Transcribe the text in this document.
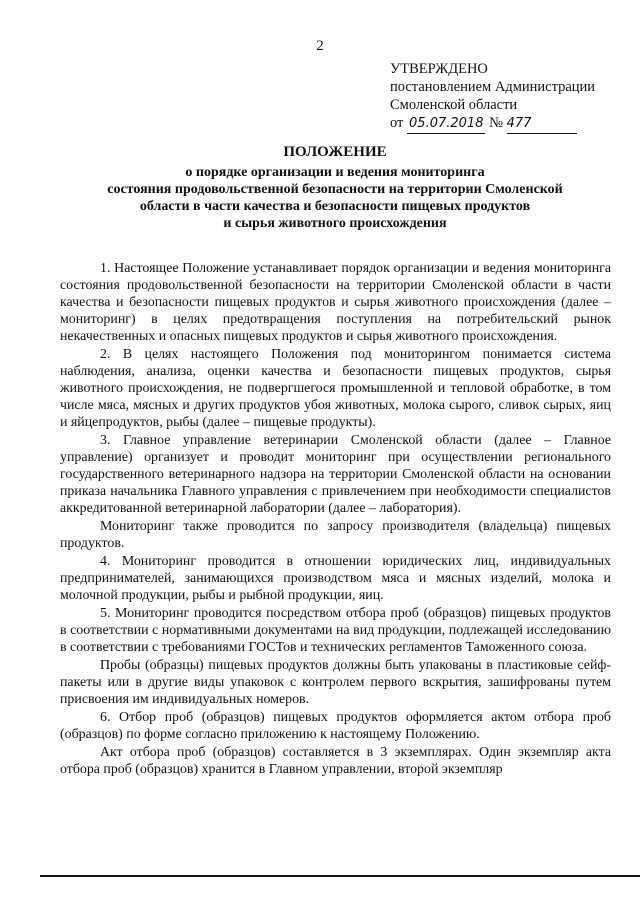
2
УТВЕРЖДЕНО
постановлением Администрации
Смоленской области
от 05.07.2018 № 477
ПОЛОЖЕНИЕ
о порядке организации и ведения мониторинга
состояния продовольственной безопасности на территории Смоленской
области в части качества и безопасности пищевых продуктов
и сырья животного происхождения

1. Настоящее Положение устанавливает порядок организации и ведения мониторинга состояния продовольственной безопасности на территории Смоленской области в части качества и безопасности пищевых продуктов и сырья животного происхождения (далее – мониторинг) в целях предотвращения поступления на потребительский рынок некачественных и опасных пищевых продуктов и сырья животного происхождения.

2. В целях настоящего Положения под мониторингом понимается система наблюдения, анализа, оценки качества и безопасности пищевых продуктов, сырья животного происхождения, не подвергшегося промышленной и тепловой обработке, в том числе мяса, мясных и других продуктов убоя животных, молока сырого, сливок сырых, яиц и яйцепродуктов, рыбы (далее – пищевые продукты).

3. Главное управление ветеринарии Смоленской области (далее – Главное управление) организует и проводит мониторинг при осуществлении регионального государственного ветеринарного надзора на территории Смоленской области на основании приказа начальника Главного управления с привлечением при необходимости специалистов аккредитованной ветеринарной лаборатории (далее – лаборатория).

Мониторинг также проводится по запросу производителя (владельца) пищевых продуктов.

4. Мониторинг проводится в отношении юридических лиц, индивидуальных предпринимателей, занимающихся производством мяса и мясных изделий, молока и молочной продукции, рыбы и рыбной продукции, яиц.

5. Мониторинг проводится посредством отбора проб (образцов) пищевых продуктов в соответствии с нормативными документами на вид продукции, подлежащей исследованию в соответствии с требованиями ГОСТов и технических регламентов Таможенного союза.

Пробы (образцы) пищевых продуктов должны быть упакованы в пластиковые сейф-пакеты или в другие виды упаковок с контролем первого вскрытия, зашифрованы путем присвоения им индивидуальных номеров.

6. Отбор проб (образцов) пищевых продуктов оформляется актом отбора проб (образцов) по форме согласно приложению к настоящему Положению.

Акт отбора проб (образцов) составляется в 3 экземплярах. Один экземпляр акта отбора проб (образцов) хранится в Главном управлении, второй экземпляр
